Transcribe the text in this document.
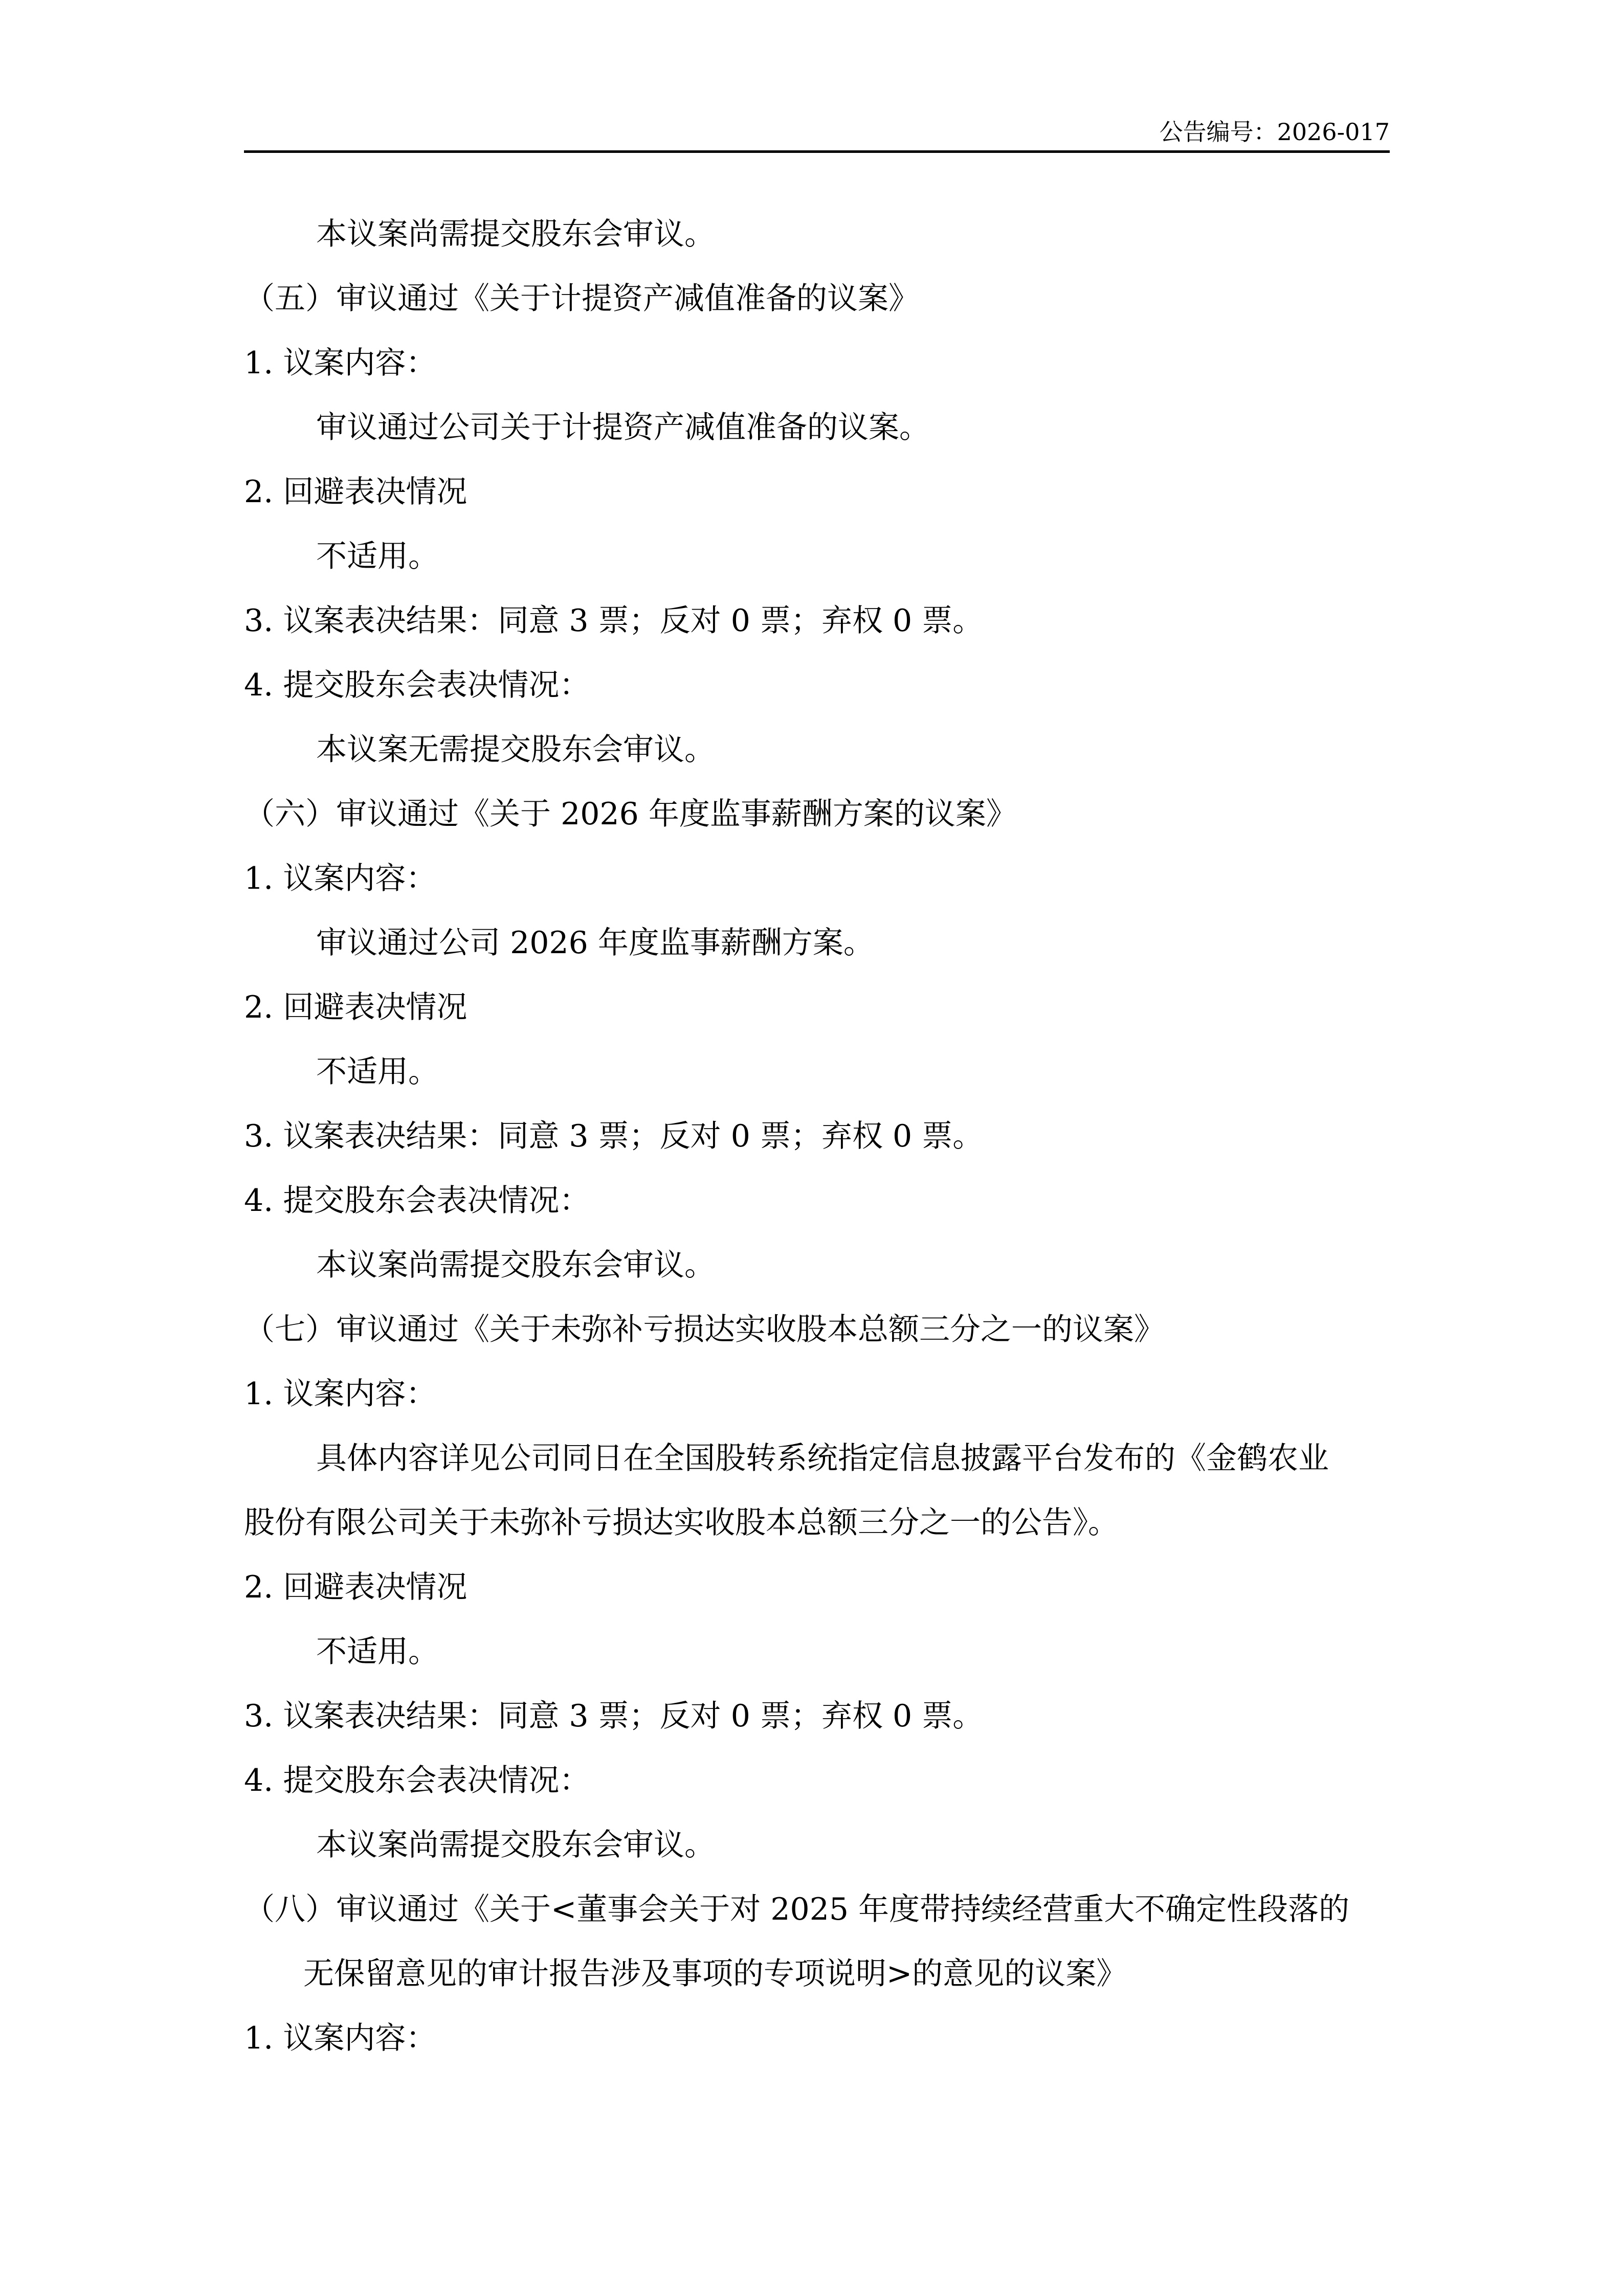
公告编号：2026-017
本议案尚需提交股东会审议。
（五）审议通过《关于计提资产减值准备的议案》
1. 议案内容：
审议通过公司关于计提资产减值准备的议案。
2. 回避表决情况
不适用。
3. 议案表决结果：同意 3 票；反对 0 票；弃权 0 票。
4. 提交股东会表决情况：
本议案无需提交股东会审议。
（六）审议通过《关于 2026 年度监事薪酬方案的议案》
1. 议案内容：
审议通过公司 2026 年度监事薪酬方案。
2. 回避表决情况
不适用。
3. 议案表决结果：同意 3 票；反对 0 票；弃权 0 票。
4. 提交股东会表决情况：
本议案尚需提交股东会审议。
（七）审议通过《关于未弥补亏损达实收股本总额三分之一的议案》
1. 议案内容：
具体内容详见公司同日在全国股转系统指定信息披露平台发布的《金鹤农业
股份有限公司关于未弥补亏损达实收股本总额三分之一的公告》。
2. 回避表决情况
不适用。
3. 议案表决结果：同意 3 票；反对 0 票；弃权 0 票。
4. 提交股东会表决情况：
本议案尚需提交股东会审议。
（八）审议通过《关于<董事会关于对 2025 年度带持续经营重大不确定性段落的
无保留意见的审计报告涉及事项的专项说明>的意见的议案》
1. 议案内容：
